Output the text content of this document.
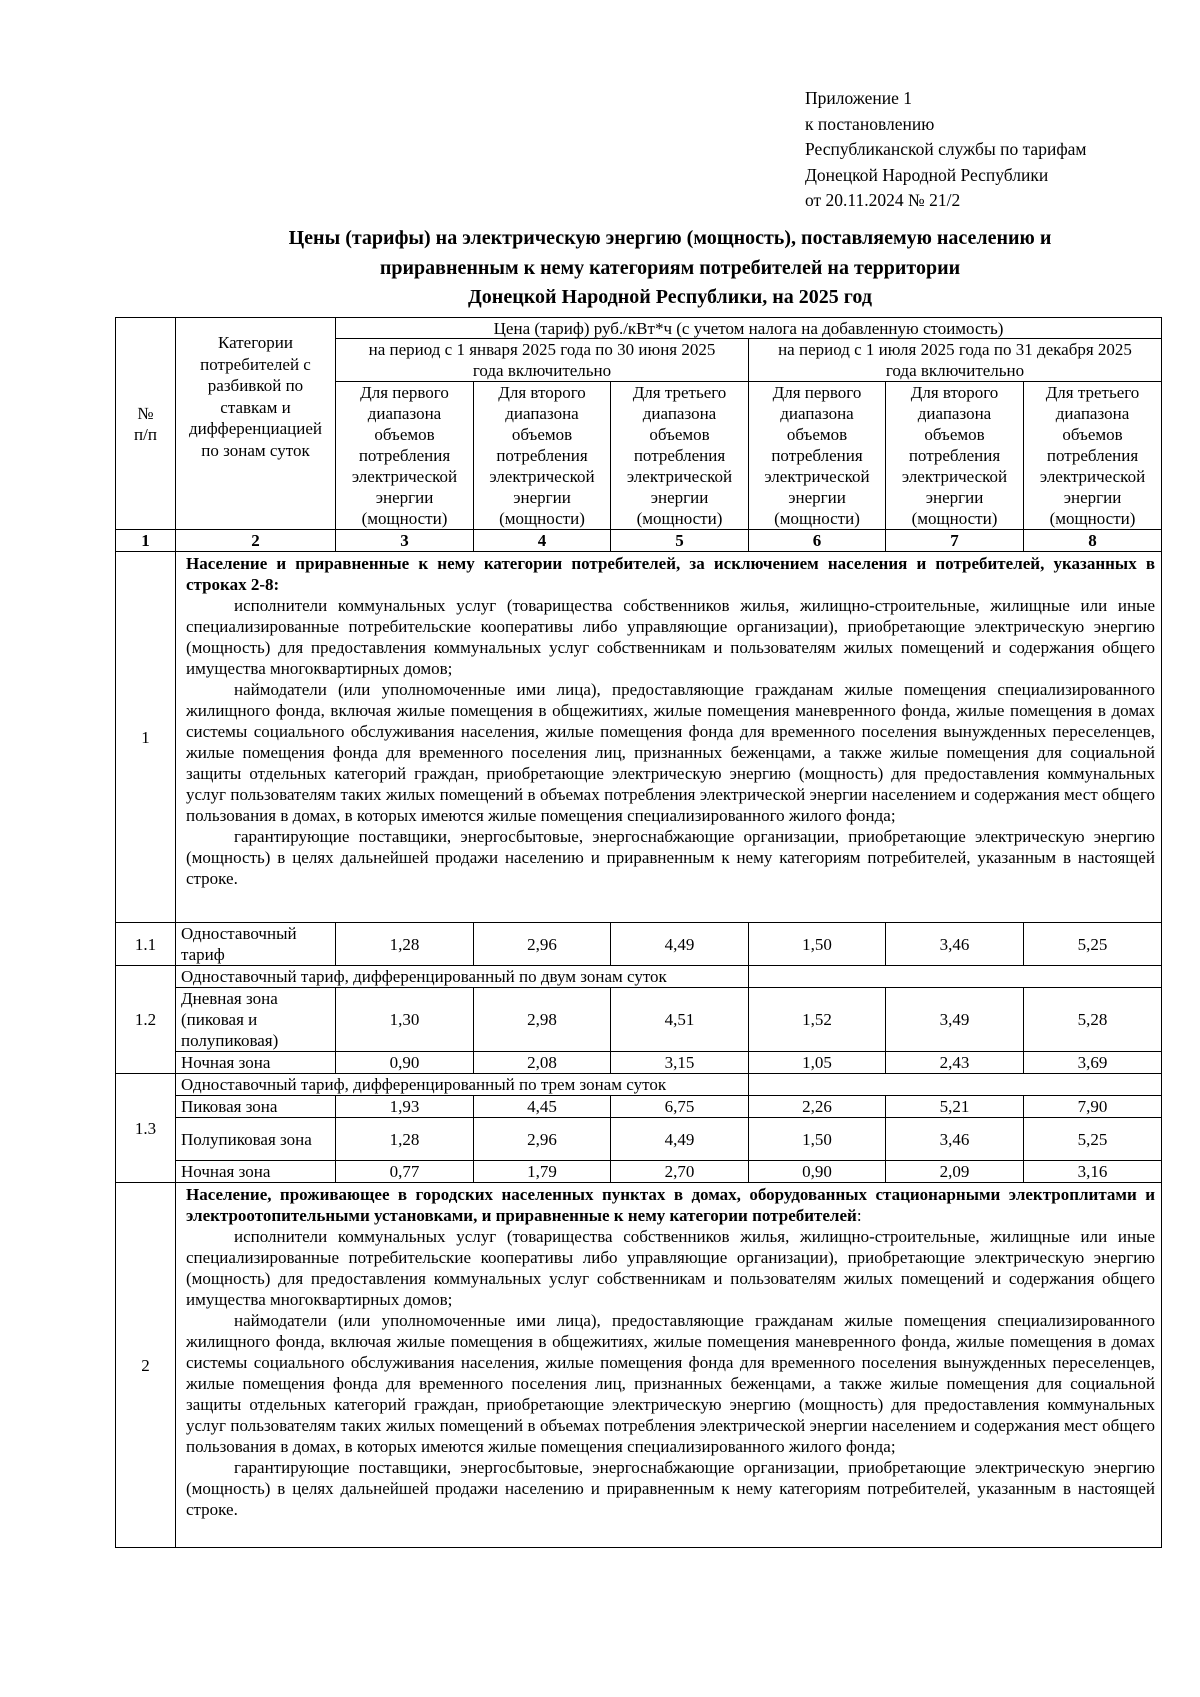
Приложение 1
к постановлению
Республиканской службы по тарифам
Донецкой Народной Республики
от 20.11.2024 № 21/2
Цены (тарифы) на электрическую энергию (мощность), поставляемую населению и
приравненным к нему категориям потребителей на территории
Донецкой Народной Республики, на 2025 год
№ п/п	Категории потребителей с разбивкой по ставкам и дифференциацией по зонам суток	Цена (тариф) руб./кВт*ч (с учетом налога на добавленную стоимость)					
		на период с 1 января 2025 года по 30 июня 2025 года включительно			на период с 1 июля 2025 года по 31 декабря 2025 года включительно		
		Для первого диапазона объемов потребления электрической энергии (мощности)	Для второго диапазона объемов потребления электрической энергии (мощности)	Для третьего диапазона объемов потребления электрической энергии (мощности)	Для первого диапазона объемов потребления электрической энергии (мощности)	Для второго диапазона объемов потребления электрической энергии (мощности)	Для третьего диапазона объемов потребления электрической энергии (мощности)
1	2	3	4	5	6	7	8
1	Население и приравненные к нему категории потребителей, за исключением населения и потребителей, указанных в строках 2-8:

исполнители коммунальных услуг (товарищества собственников жилья, жилищно-строительные, жилищные или иные специализированные потребительские кооперативы либо управляющие организации), приобретающие электрическую энергию (мощность) для предоставления коммунальных услуг собственникам и пользователям жилых помещений и содержания общего имущества многоквартирных домов;

наймодатели (или уполномоченные ими лица), предоставляющие гражданам жилые помещения специализированного жилищного фонда, включая жилые помещения в общежитиях, жилые помещения маневренного фонда, жилые помещения в домах системы социального обслуживания населения, жилые помещения фонда для временного поселения вынужденных переселенцев, жилые помещения фонда для временного поселения лиц, признанных беженцами, а также жилые помещения для социальной защиты отдельных категорий граждан, приобретающие электрическую энергию (мощность) для предоставления коммунальных услуг пользователям таких жилых помещений в объемах потребления электрической энергии населением и содержания мест общего пользования в домах, в которых имеются жилые помещения специализированного жилого фонда;

гарантирующие поставщики, энергосбытовые, энергоснабжающие организации, приобретающие электрическую энергию (мощность) в целях дальнейшей продажи населению и приравненным к нему категориям потребителей, указанным в настоящей строке.						

1.1	Одноставочный тариф	1,28	2,96	4,49	1,50	3,46	5,25
1.2	Одноставочный тариф, дифференцированный по двум зонам суток						
	Дневная зона (пиковая и полупиковая)	1,30	2,98	4,51	1,52	3,49	5,28
	Ночная зона	0,90	2,08	3,15	1,05	2,43	3,69
1.3	Одноставочный тариф, дифференцированный по трем зонам суток						
	Пиковая зона	1,93	4,45	6,75	2,26	5,21	7,90
	Полупиковая зона	1,28	2,96	4,49	1,50	3,46	5,25
	Ночная зона	0,77	1,79	2,70	0,90	2,09	3,16
2	Население, проживающее в городских населенных пунктах в домах, оборудованных стационарными электроплитами и электроотопительными установками, и приравненные к нему категории потребителей:

исполнители коммунальных услуг (товарищества собственников жилья, жилищно-строительные, жилищные или иные специализированные потребительские кооперативы либо управляющие организации), приобретающие электрическую энергию (мощность) для предоставления коммунальных услуг собственникам и пользователям жилых помещений и содержания общего имущества многоквартирных домов;

наймодатели (или уполномоченные ими лица), предоставляющие гражданам жилые помещения специализированного жилищного фонда, включая жилые помещения в общежитиях, жилые помещения маневренного фонда, жилые помещения в домах системы социального обслуживания населения, жилые помещения фонда для временного поселения вынужденных переселенцев, жилые помещения фонда для временного поселения лиц, признанных беженцами, а также жилые помещения для социальной защиты отдельных категорий граждан, приобретающие электрическую энергию (мощность) для предоставления коммунальных услуг пользователям таких жилых помещений в объемах потребления электрической энергии населением и содержания мест общего пользования в домах, в которых имеются жилые помещения специализированного жилого фонда;

гарантирующие поставщики, энергосбытовые, энергоснабжающие организации, приобретающие электрическую энергию (мощность) в целях дальнейшей продажи населению и приравненным к нему категориям потребителей, указанным в настоящей строке.						
